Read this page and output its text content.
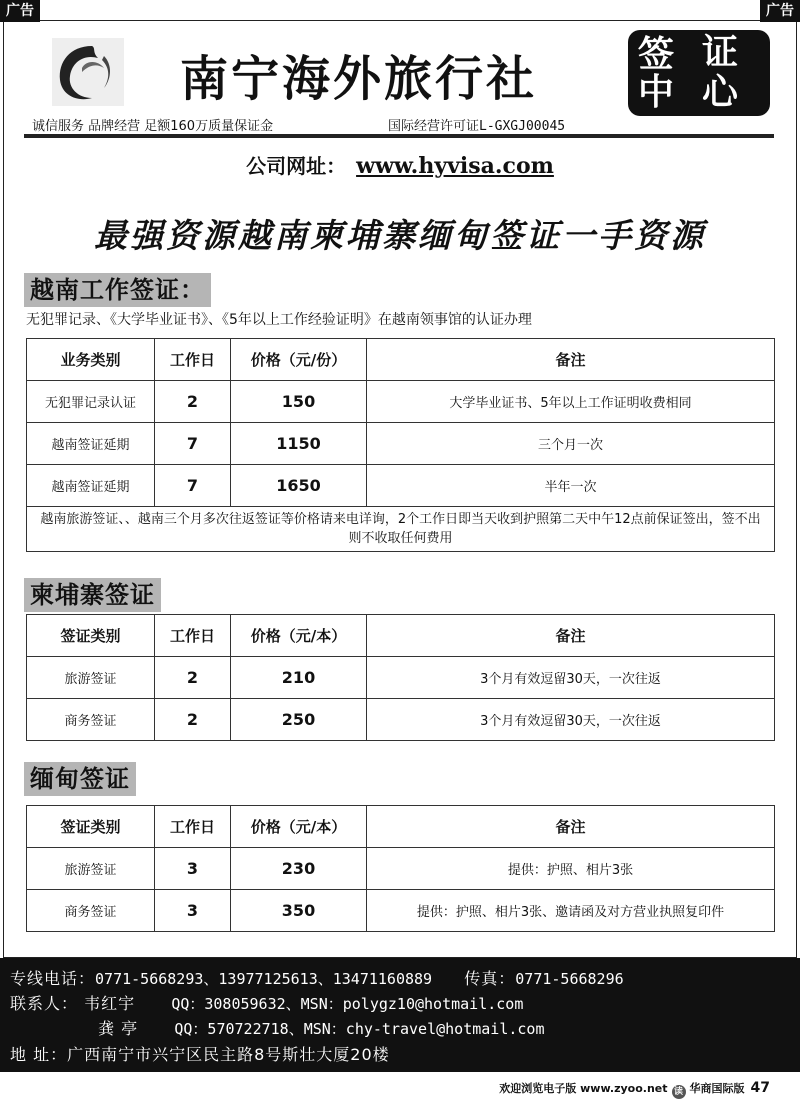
广告	广告
南宁海外旅行社	签 证
中 心
诚信服务 品牌经营 足额160万质量保证金	国际经营许可证L-GXGJ00045
公司网址： www.hyvisa.com
最强资源越南柬埔寨缅甸签证一手资源
越南工作签证：
无犯罪记录、《大学毕业证书》、《5年以上工作经验证明》在越南领事馆的认证办理
业务类别	工作日	价格（元/份）	备注
无犯罪记录认证	2	150	大学毕业证书、5年以上工作证明收费相同
越南签证延期	7	1150	三个月一次
越南签证延期	7	1650	半年一次
越南旅游签证、、越南三个月多次往返签证等价格请来电详询，2个工作日即当天收到护照第二天中午12点前保证签出，签不出则不收取任何费用			
柬埔寨签证
签证类别	工作日	价格（元/本）	备注
旅游签证	2	210	3个月有效逗留30天，一次往返
商务签证	2	250	3个月有效逗留30天，一次往返
缅甸签证
签证类别	工作日	价格（元/本）	备注
旅游签证	3	230	提供：护照、相片3张
商务签证	3	350	提供：护照、相片3张、邀请函及对方营业执照复印件
专线电话：0771-5668293、13977125613、13471160889 传真：0771-5668296
联系人： 韦红宇 QQ：308059632、MSN：polygz10@hotmail.com
龚 亭 QQ：570722718、MSN：chy-travel@hotmail.com
地 址：广西南宁市兴宁区民主路8号斯壮大厦20楼
欢迎浏览电子版 www.zyoo.net 读 华商国际版 47
